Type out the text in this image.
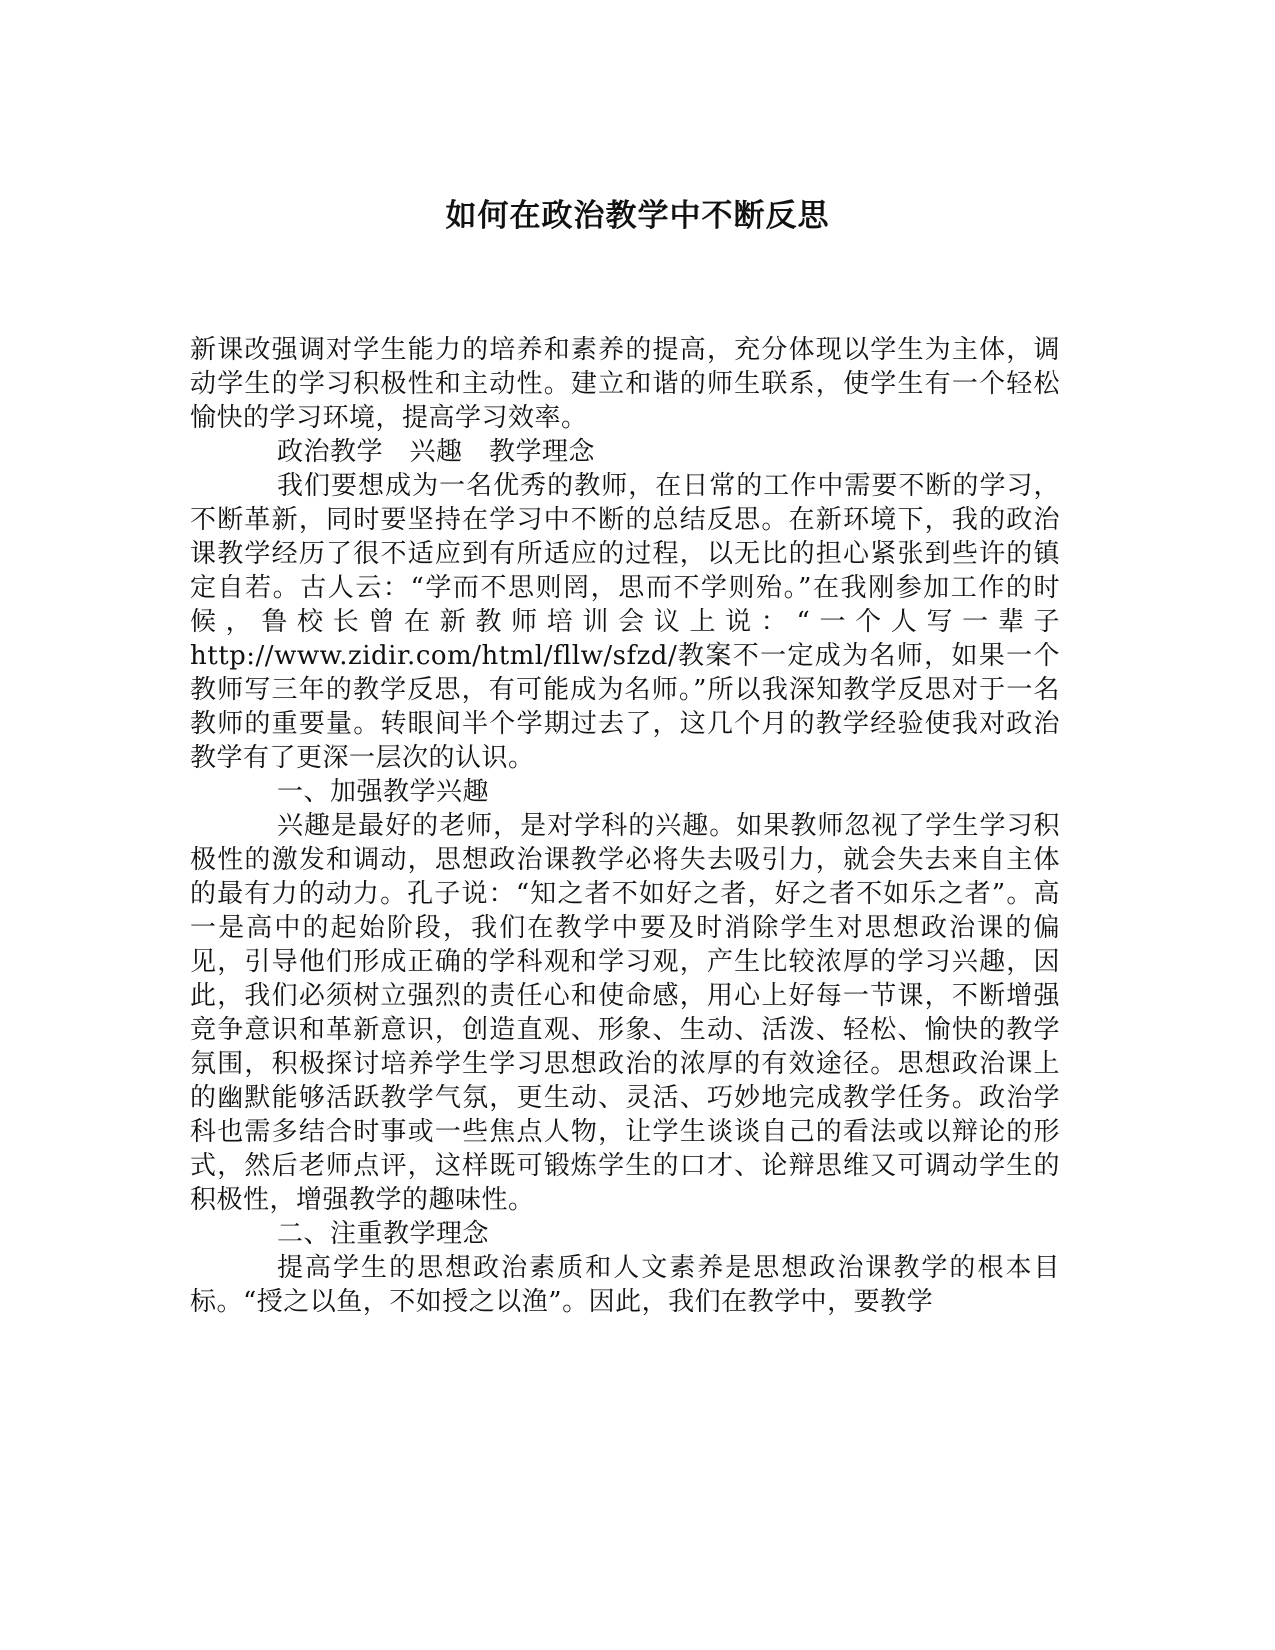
如何在政治教学中不断反思

新课改强调对学生能力的培养和素养的提高，充分体现以学生为主体，调动学生的学习积极性和主动性。建立和谐的师生联系，使学生有一个轻松愉快的学习环境，提高学习效率。

政治教学　兴趣　教学理念

我们要想成为一名优秀的教师，在日常的工作中需要不断的学习，不断革新，同时要坚持在学习中不断的总结反思。在新环境下，我的政治课教学经历了很不适应到有所适应的过程，以无比的担心紧张到些许的镇定自若。古人云：“学而不思则罔，思而不学则殆。”在我刚参加工作的时候，鲁校长曾在新教师培训会议上说：“一个人写一辈子 http://www.zidir.com/html/fllw/sfzd/教案不一定成为名师，如果一个教师写三年的教学反思，有可能成为名师。”所以我深知教学反思对于一名教师的重要量。转眼间半个学期过去了，这几个月的教学经验使我对政治教学有了更深一层次的认识。

一、加强教学兴趣

兴趣是最好的老师，是对学科的兴趣。如果教师忽视了学生学习积极性的激发和调动，思想政治课教学必将失去吸引力，就会失去来自主体的最有力的动力。孔子说：“知之者不如好之者，好之者不如乐之者”。高一是高中的起始阶段，我们在教学中要及时消除学生对思想政治课的偏见，引导他们形成正确的学科观和学习观，产生比较浓厚的学习兴趣，因此，我们必须树立强烈的责任心和使命感，用心上好每一节课，不断增强竞争意识和革新意识，创造直观、形象、生动、活泼、轻松、愉快的教学氛围，积极探讨培养学生学习思想政治的浓厚的有效途径。思想政治课上的幽默能够活跃教学气氛，更生动、灵活、巧妙地完成教学任务。政治学科也需多结合时事或一些焦点人物，让学生谈谈自己的看法或以辩论的形式，然后老师点评，这样既可锻炼学生的口才、论辩思维又可调动学生的积极性，增强教学的趣味性。

二、注重教学理念

提高学生的思想政治素质和人文素养是思想政治课教学的根本目标。“授之以鱼，不如授之以渔”。因此，我们在教学中，要教学
